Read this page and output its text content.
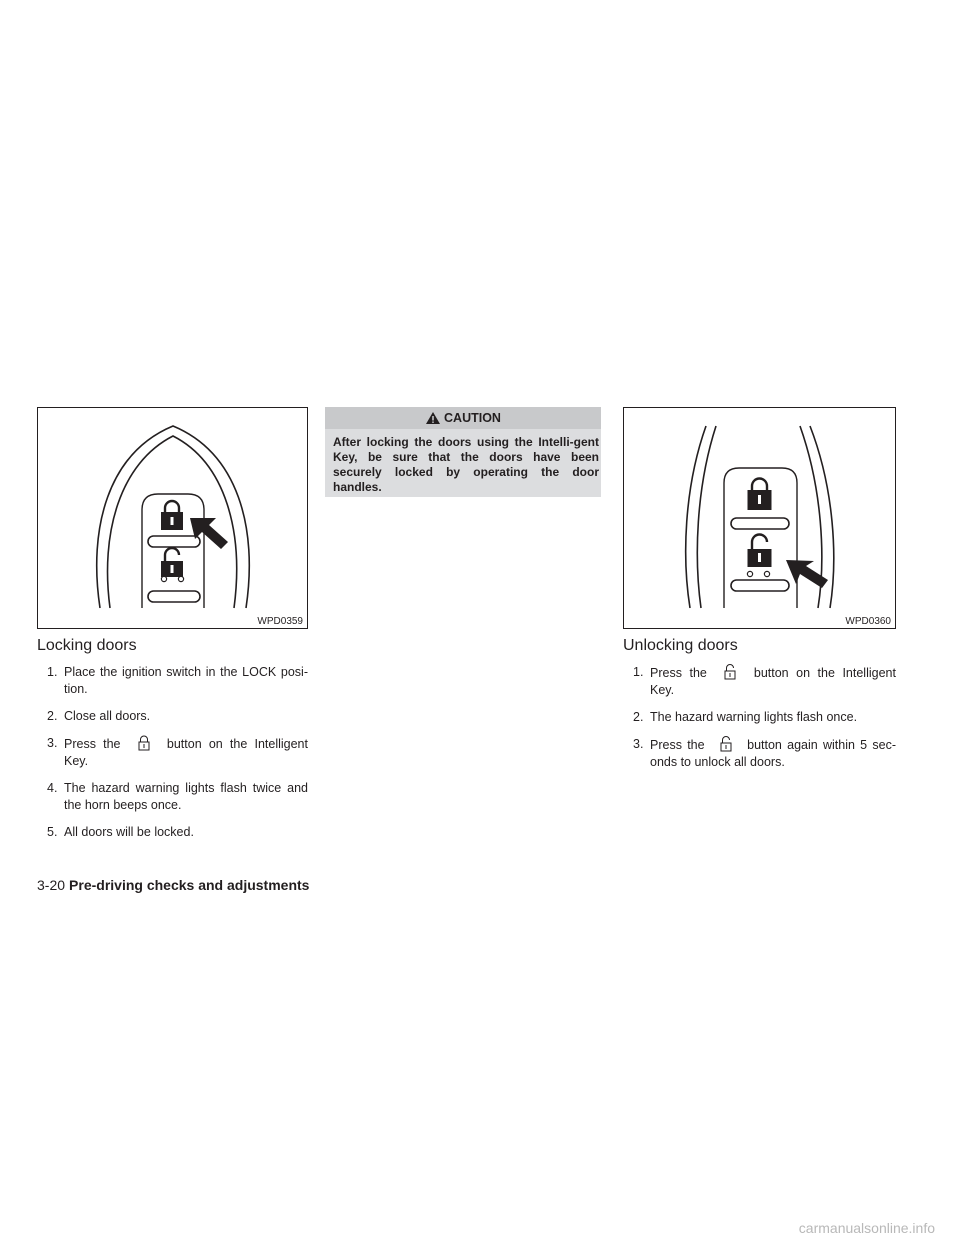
WPD0359
Locking doors
1. Place the ignition switch in the LOCK posi-tion.
2. Close all doors.
3. Press the	button on the Intelligent Key.
4. The hazard warning lights flash twice and the horn beeps once.
5. All doors will be locked.
CAUTION
After locking the doors using the Intelli-gent Key, be sure that the doors have been securely locked by operating the door handles.
WPD0360
Unlocking doors
1. Press the	button on the Intelligent Key.
2. The hazard warning lights flash once.
3. Press the	button again within 5 sec-onds to unlock all doors.
3-20 Pre-driving checks and adjustments
carmanualsonline.info
